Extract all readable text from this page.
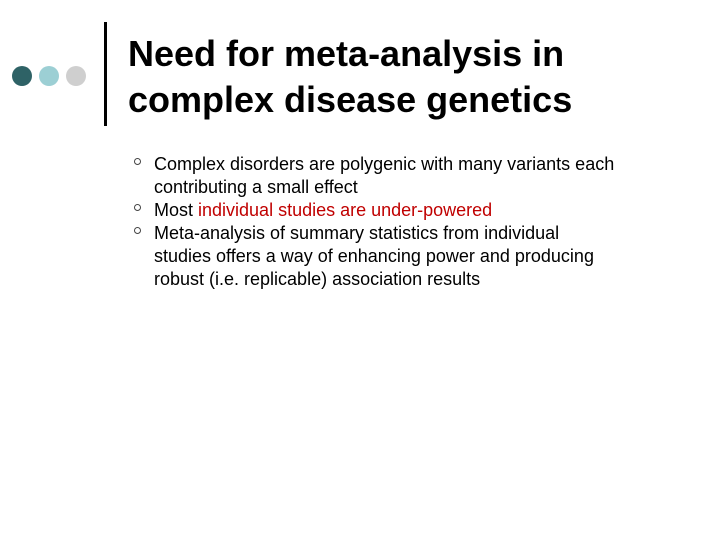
Need for meta-analysis in
complex disease genetics
Complex disorders are polygenic with many variants each
contributing a small effect
Most individual studies are under-powered
Meta-analysis of summary statistics from individual
studies offers a way of enhancing power and producing
robust (i.e. replicable) association results
